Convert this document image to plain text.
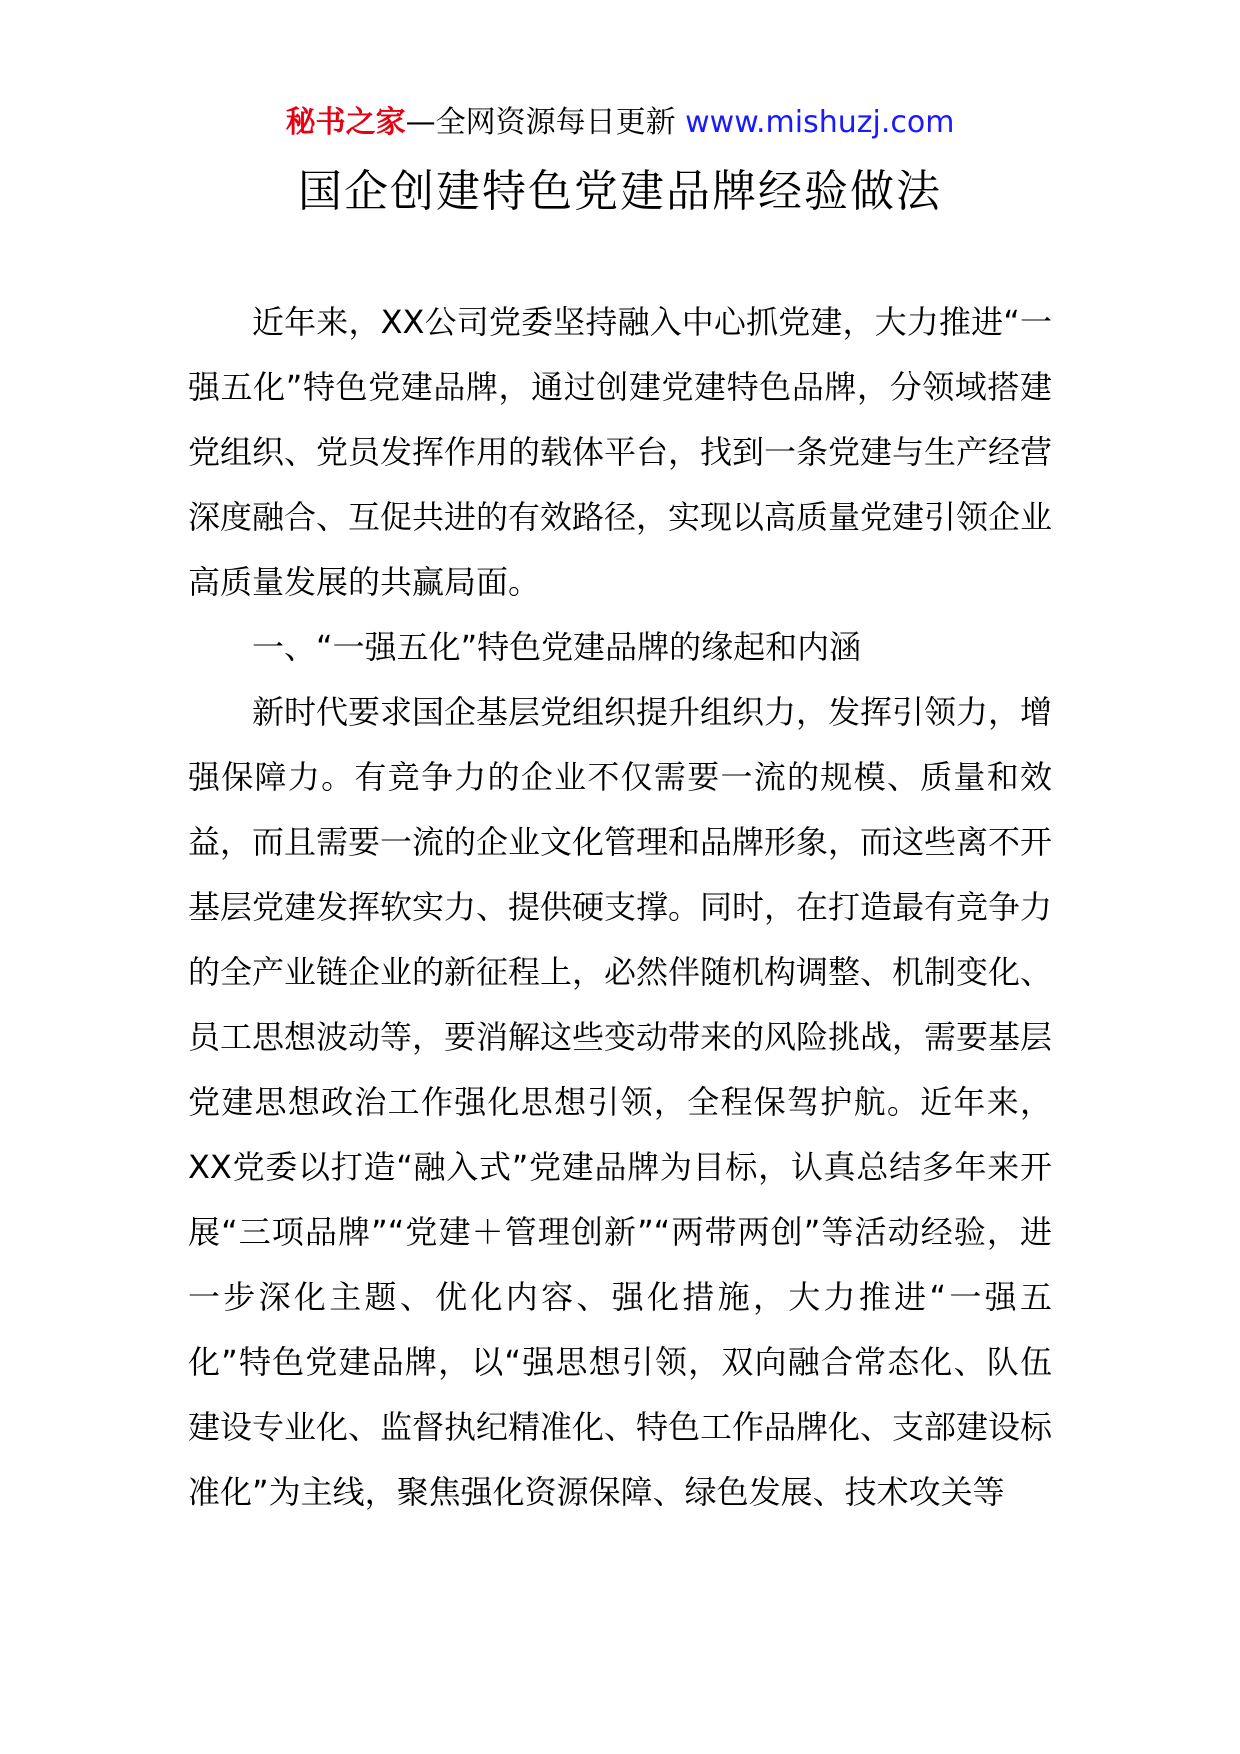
秘书之家—全网资源每日更新 www.mishuzj.com
国企创建特色党建品牌经验做法

近年来，XX公司党委坚持融入中心抓党建，大力推进“一强五化”特色党建品牌，通过创建党建特色品牌，分领域搭建党组织、党员发挥作用的载体平台，找到一条党建与生产经营深度融合、互促共进的有效路径，实现以高质量党建引领企业高质量发展的共赢局面。

一、“一强五化”特色党建品牌的缘起和内涵

新时代要求国企基层党组织提升组织力，发挥引领力，增强保障力。有竞争力的企业不仅需要一流的规模、质量和效益，而且需要一流的企业文化管理和品牌形象，而这些离不开基层党建发挥软实力、提供硬支撑。同时，在打造最有竞争力的全产业链企业的新征程上，必然伴随机构调整、机制变化、员工思想波动等，要消解这些变动带来的风险挑战，需要基层党建思想政治工作强化思想引领，全程保驾护航。近年来，XX党委以打造“融入式”党建品牌为目标，认真总结多年来开展“三项品牌”“党建＋管理创新”“两带两创”等活动经验，进一步深化主题、优化内容、强化措施，大力推进“一强五化”特色党建品牌，以“强思想引领，双向融合常态化、队伍建设专业化、监督执纪精准化、特色工作品牌化、支部建设标准化”为主线，聚焦强化资源保障、绿色发展、技术攻关等
